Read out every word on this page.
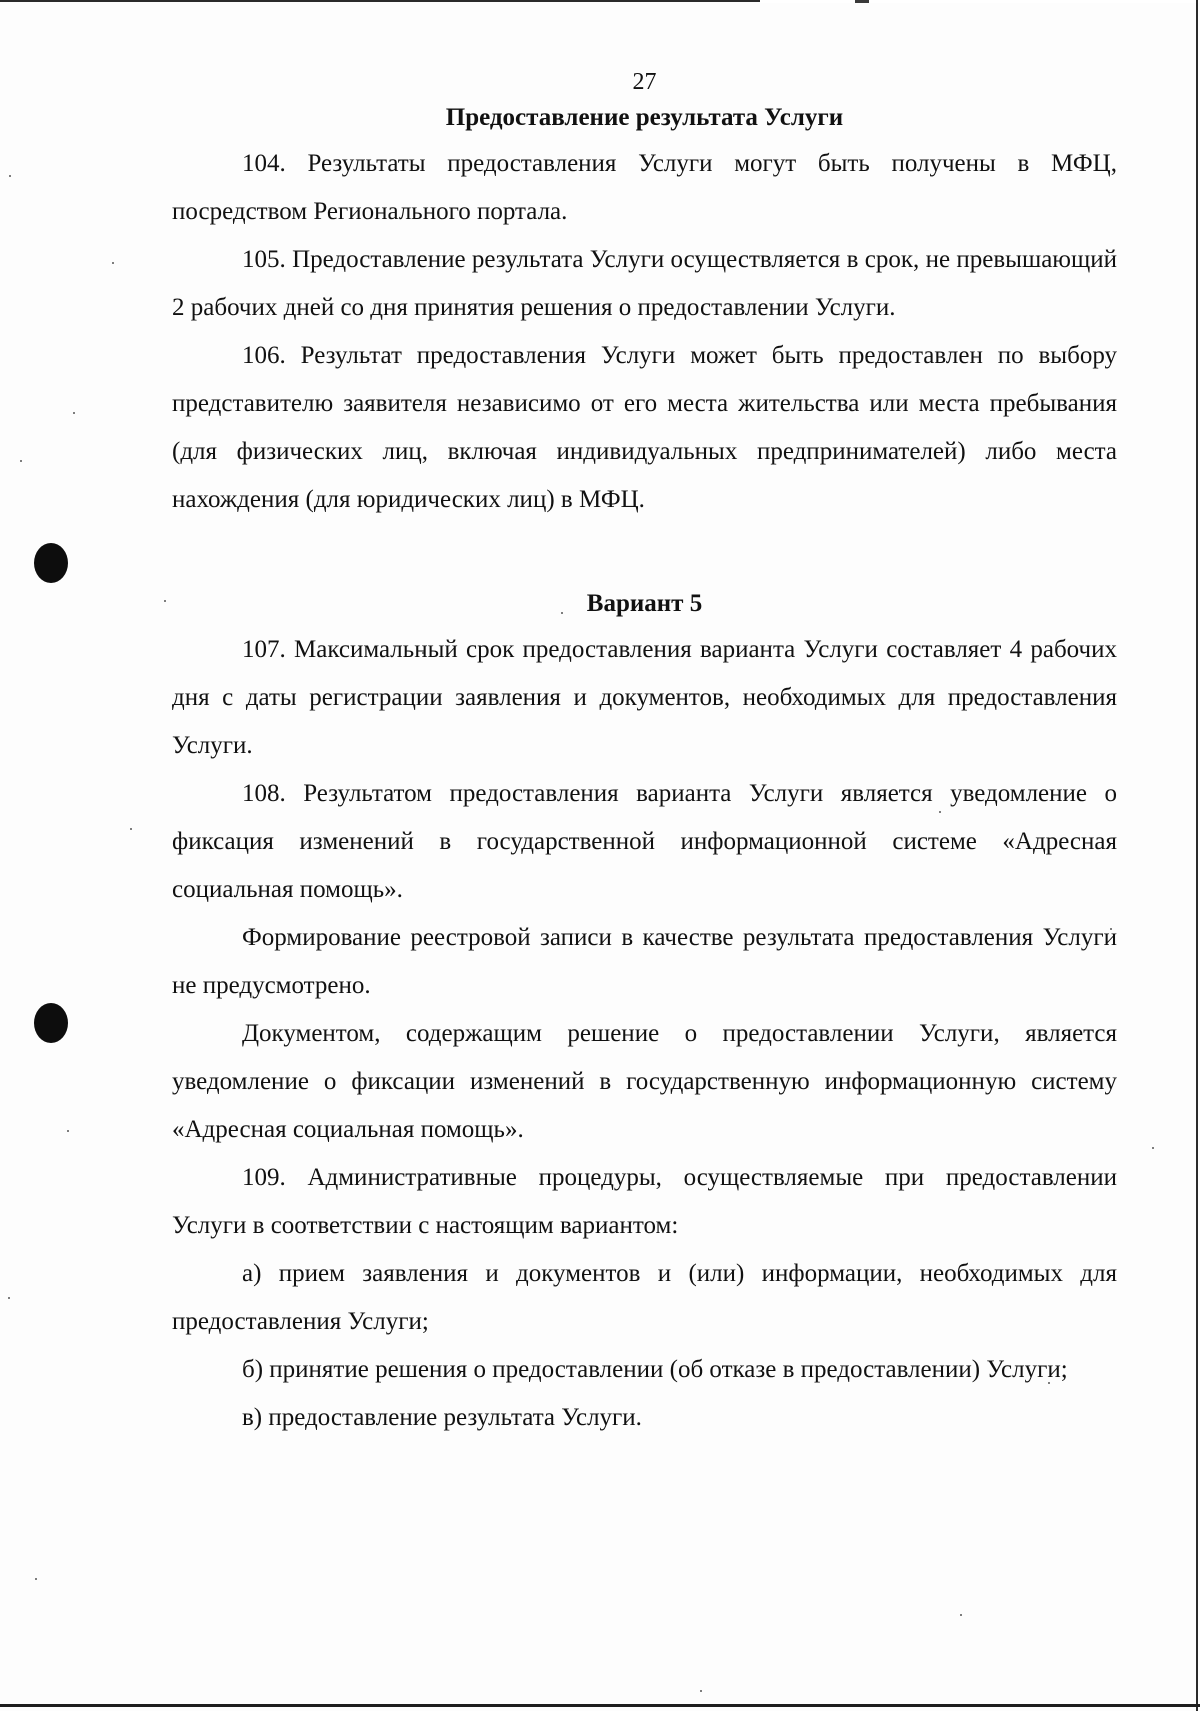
27

Предоставление результата Услуги

104. Результаты предоставления Услуги могут быть получены в МФЦ, посредством Регионального портала.

105. Предоставление результата Услуги осуществляется в срок, не превышающий 2 рабочих дней со дня принятия решения о предоставлении Услуги.

106. Результат предоставления Услуги может быть предоставлен по выбору представителю заявителя независимо от его места жительства или места пребывания (для физических лиц, включая индивидуальных предпринимателей) либо места нахождения (для юридических лиц) в МФЦ.

Вариант 5

107. Максимальный срок предоставления варианта Услуги составляет 4 рабочих дня с даты регистрации заявления и документов, необходимых для предоставления Услуги.

108. Результатом предоставления варианта Услуги является уведомление о фиксация изменений в государственной информационной системе «Адресная социальная помощь».

Формирование реестровой записи в качестве результата предоставления Услуги не предусмотрено.

Документом, содержащим решение о предоставлении Услуги, является уведомление о фиксации изменений в государственную информационную систему «Адресная социальная помощь».

109. Административные процедуры, осуществляемые при предоставлении Услуги в соответствии с настоящим вариантом:

а) прием заявления и документов и (или) информации, необходимых для предоставления Услуги;

б) принятие решения о предоставлении (об отказе в предоставлении) Услуги;

в) предоставление результата Услуги.
